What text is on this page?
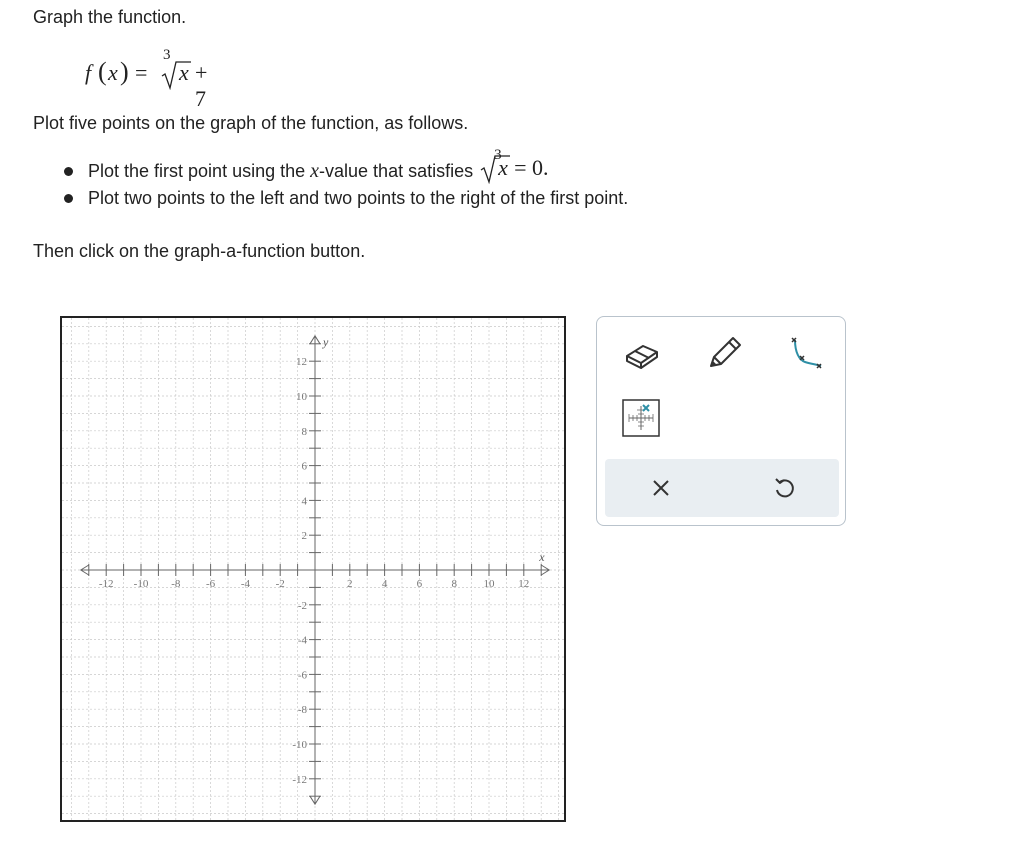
Graph the function.
f ( x ) =
3
x + 7
Plot five points on the graph of the function, as follows.
Plot the first point using the x-value that satisfies
3
x = 0.
Plot two points to the left and two points to the right of the first point.
Then click on the graph-a-function button.
-12 -10 -8 -6 -4 -2	2	4	6	8 10 12
12
10
8
6
4
2
-2
-4
-6
-8
-10
-12
x
y
